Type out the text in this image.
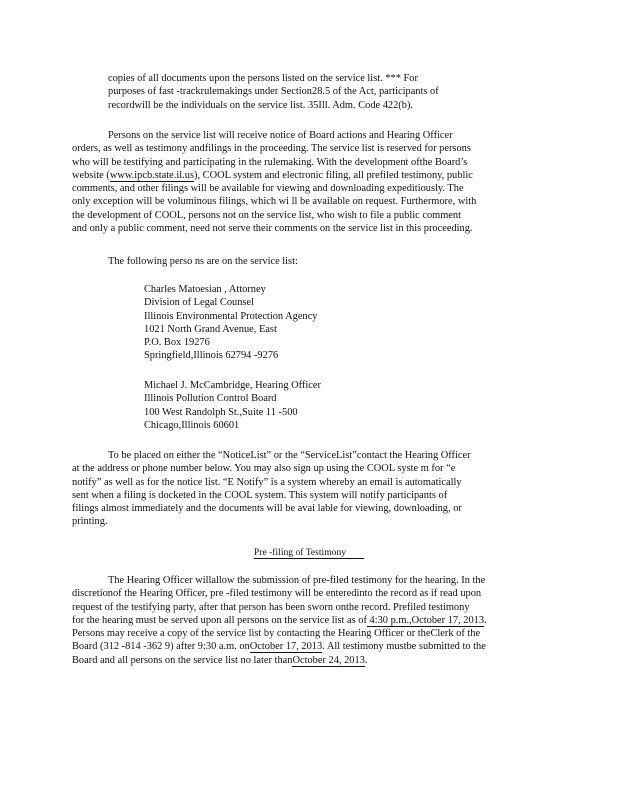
copies of all documents upon the persons listed on the service list. *** For
purposes of fast -trackrulemakings under Section28.5 of the Act, participants of
recordwill be the individuals on the service list. 35Ill. Adm. Code 422(b).
Persons on the service list will receive notice of Board actions and Hearing Officer
orders, as well as testimony andfilings in the proceeding. The service list is reserved for persons
who will be testifying and participating in the rulemaking. With the development ofthe Board’s
website (www.ipcb.state.il.us), COOL system and electronic filing, all prefiled testimony, public
comments, and other filings will be available for viewing and downloading expeditiously. The
only exception will be voluminous filings, which wi ll be available on request. Furthermore, with
the development of COOL, persons not on the service list, who wish to file a public comment
and only a public comment, need not serve their comments on the service list in this proceeding.
The following perso ns are on the service list:
Charles Matoesian , Attorney
Division of Legal Counsel
Illinois Environmental Protection Agency
1021 North Grand Avenue, East
P.O. Box 19276
Springfield,Illinois 62794 -9276
Michael J. McCambridge, Hearing Officer
Illinois Pollution Control Board
100 West Randolph St.,Suite 11 -500
Chicago,Illinois 60601
To be placed on either the “NoticeList” or the “ServiceList”contact the Hearing Officer
at the address or phone number below. You may also sign up using the COOL syste m for “e
notify” as well as for the notice list. “E Notify” is a system whereby an email is automatically
sent when a filing is docketed in the COOL system. This system will notify participants of
filings almost immediately and the documents will be avai lable for viewing, downloading, or
printing.
Pre -filing of Testimony
The Hearing Officer willallow the submission of pre-filed testimony for the hearing. In the
discretionof the Hearing Officer, pre -filed testimony will be enteredinto the record as if read upon
request of the testifying party, after that person has been sworn onthe record. Prefiled testimony
for the hearing must be served upon all persons on the service list as of 4:30 p.m.,October 17, 2013.
Persons may receive a copy of the service list by contacting the Hearing Officer or theClerk of the
Board (312 -814 -362 9) after 9:30 a.m. onOctober 17, 2013. All testimony mustbe submitted to the
Board and all persons on the service list no later thanOctober 24, 2013.
